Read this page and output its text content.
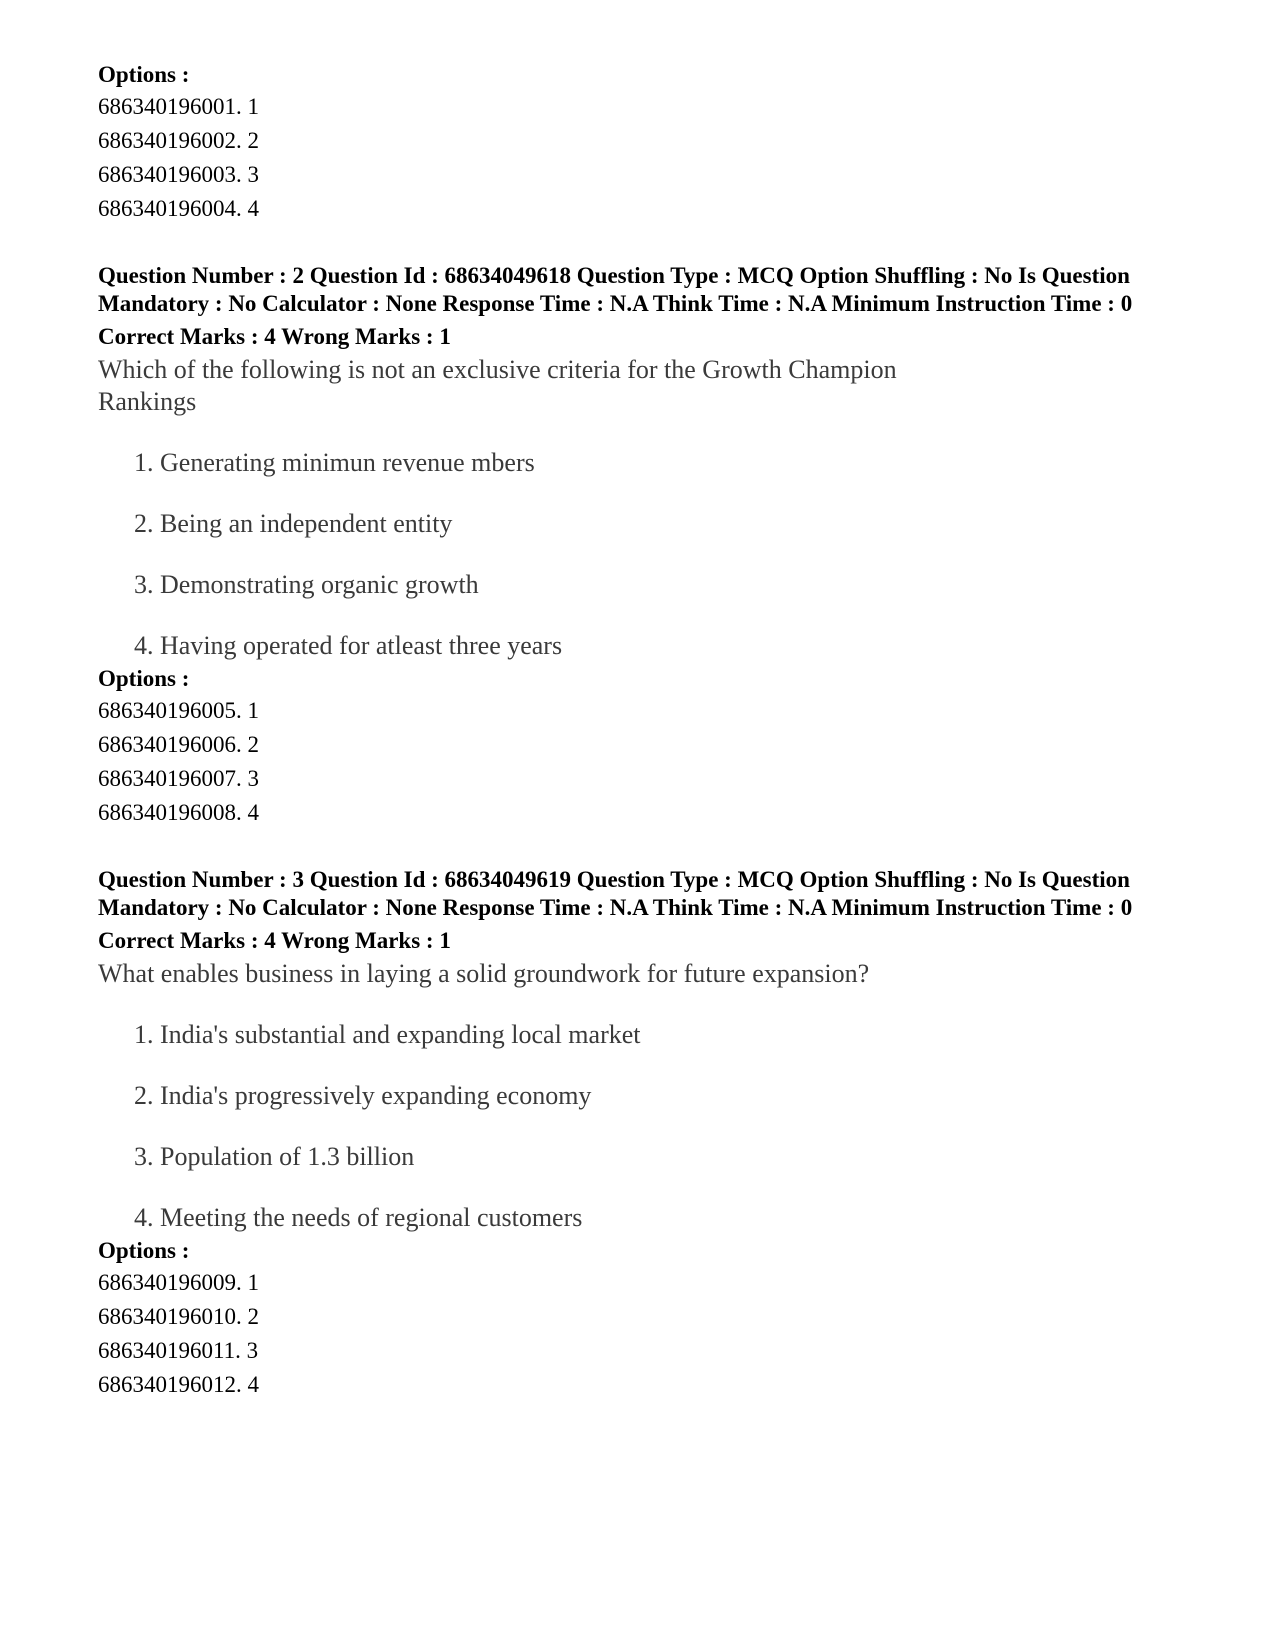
Options :

686340196001. 1

686340196002. 2

686340196003. 3

686340196004. 4

Question Number : 2 Question Id : 68634049618 Question Type : MCQ Option Shuffling : No Is Question Mandatory : No Calculator : None Response Time : N.A Think Time : N.A Minimum Instruction Time : 0

Correct Marks : 4 Wrong Marks : 1

Which of the following is not an exclusive criteria for the Growth Champion Rankings

1. Generating minimun revenue mbers
2. Being an independent entity
3. Demonstrating organic growth
4. Having operated for atleast three years

Options :

686340196005. 1

686340196006. 2

686340196007. 3

686340196008. 4

Question Number : 3 Question Id : 68634049619 Question Type : MCQ Option Shuffling : No Is Question Mandatory : No Calculator : None Response Time : N.A Think Time : N.A Minimum Instruction Time : 0

Correct Marks : 4 Wrong Marks : 1

What enables business in laying a solid groundwork for future expansion?

1. India's substantial and expanding local market
2. India's progressively expanding economy
3. Population of 1.3 billion
4. Meeting the needs of regional customers

Options :

686340196009. 1

686340196010. 2

686340196011. 3

686340196012. 4
